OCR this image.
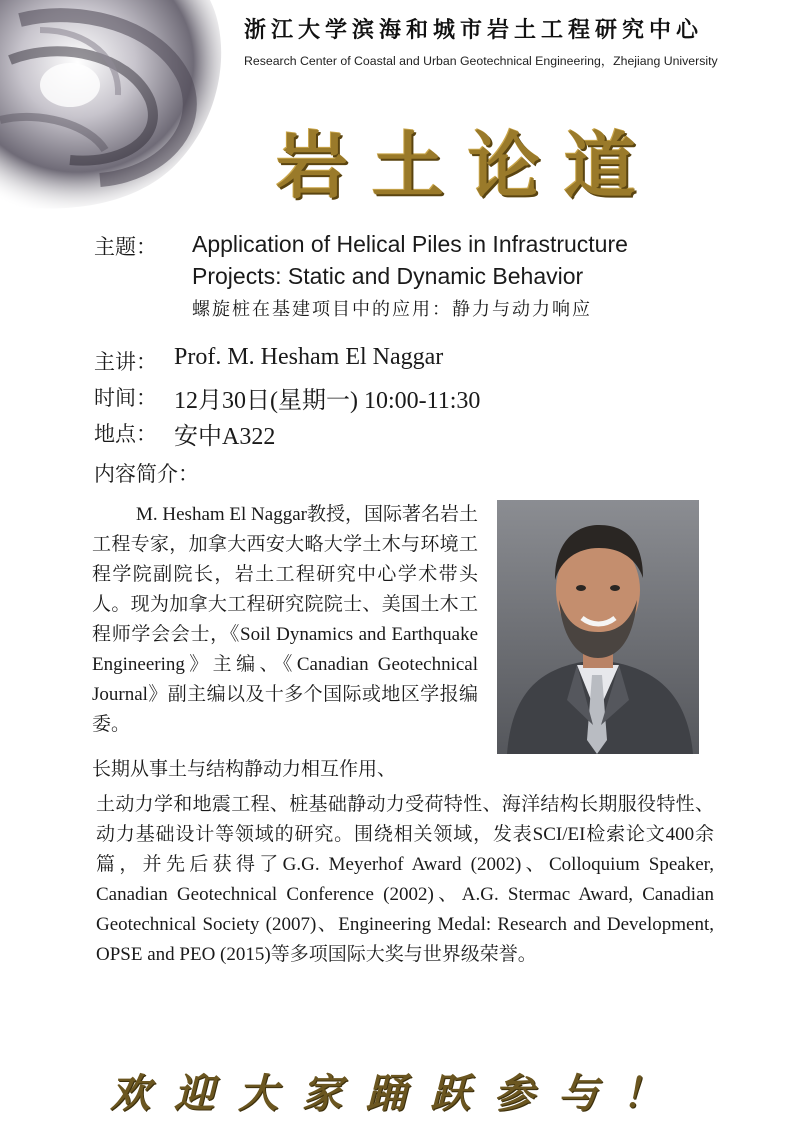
浙江大学滨海和城市岩土工程研究中心
Research Center of Coastal and Urban Geotechnical Engineering，Zhejiang University
岩土论道
主题： Application of Helical Piles in Infrastructure
Projects: Static and Dynamic Behavior
螺旋桩在基建项目中的应用：静力与动力响应
主讲： Prof. M. Hesham El Naggar
时间： 12月30日(星期一) 10:00-11:30
地点： 安中A322
内容简介：

M. Hesham El Naggar教授，国际著名岩土工程专家，加拿大西安大略大学土木与环境工程学院副院长，岩土工程研究中心学术带头人。现为加拿大工程研究院院士、美国土木工程师学会会士，《Soil Dynamics and Earthquake Engineering》主编、《Canadian Geotechnical Journal》副主编以及十多个国际或地区学报编委。

长期从事土与结构静动力相互作用、

土动力学和地震工程、桩基础静动力受荷特性、海洋结构长期服役特性、动力基础设计等领域的研究。围绕相关领域，发表SCI/EI检索论文400余篇，并先后获得了G.G. Meyerhof Award (2002)、Colloquium Speaker, Canadian Geotechnical Conference (2002)、A.G. Stermac Award, Canadian Geotechnical Society (2007)、Engineering Medal: Research and Development, OPSE and PEO (2015)等多项国际大奖与世界级荣誉。

欢迎大家踊跃参与！
